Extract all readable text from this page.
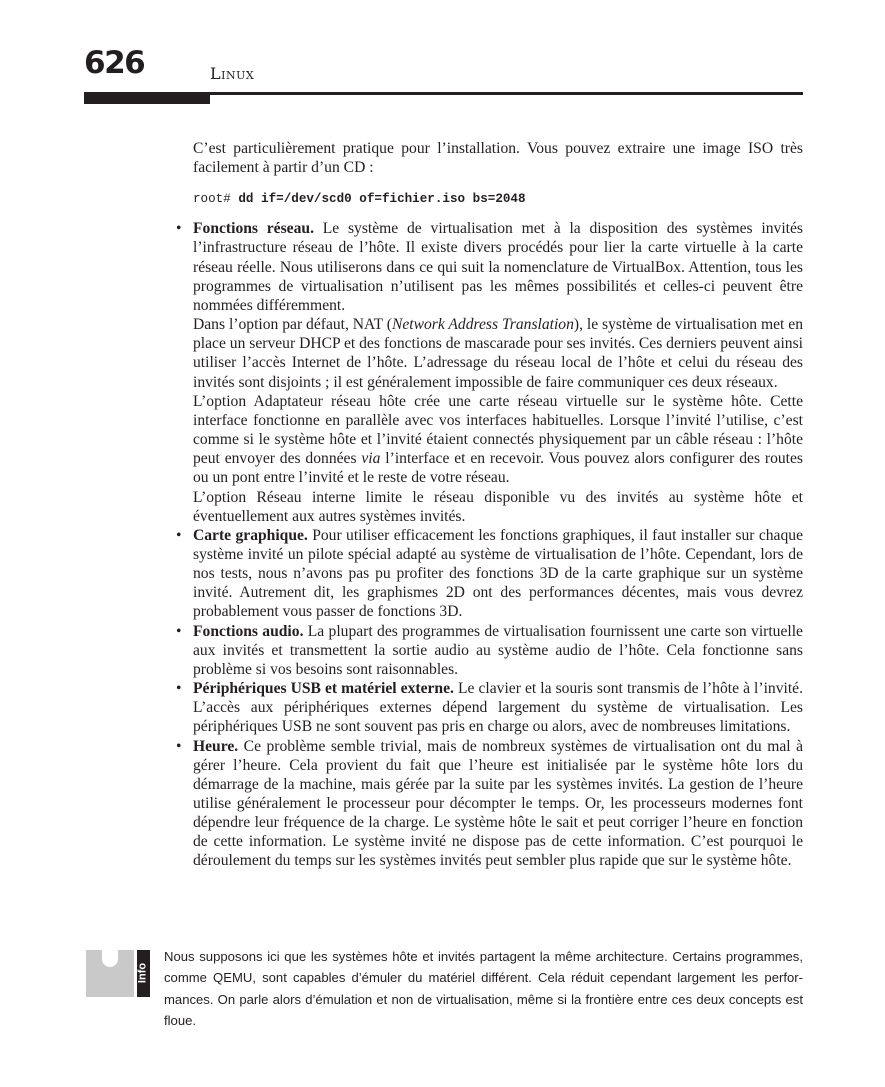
626	Linux

C’est particulièrement pratique pour l’installation. Vous pouvez extraire une image ISO très facilement à partir d’un CD :

root# dd if=/dev/scd0 of=fichier.iso bs=2048
• Fonctions réseau. Le système de virtualisation met à la disposition des systèmes invités l’infrastructure réseau de l’hôte. Il existe divers procédés pour lier la carte virtuelle à la carte réseau réelle. Nous utiliserons dans ce qui suit la nomenclature de VirtualBox. Attention, tous les programmes de virtualisation n’utilisent pas les mêmes possibilités et celles-ci peuvent être nommées différemment.

Dans l’option par défaut, NAT (Network Address Translation), le système de virtualisation met en place un serveur DHCP et des fonctions de mascarade pour ses invités. Ces derniers peuvent ainsi utiliser l’accès Internet de l’hôte. L’adressage du réseau local de l’hôte et celui du réseau des invités sont disjoints ; il est généralement impossible de faire communiquer ces deux réseaux.

L’option Adaptateur réseau hôte crée une carte réseau virtuelle sur le système hôte. Cette interface fonctionne en parallèle avec vos interfaces habituelles. Lorsque l’invité l’utilise, c’est comme si le système hôte et l’invité étaient connectés physiquement par un câble réseau : l’hôte peut envoyer des données via l’interface et en recevoir. Vous pouvez alors configurer des routes ou un pont entre l’invité et le reste de votre réseau.

L’option Réseau interne limite le réseau disponible vu des invités au système hôte et éventuellement aux autres systèmes invités.

• Carte graphique. Pour utiliser efficacement les fonctions graphiques, il faut installer sur chaque système invité un pilote spécial adapté au système de virtualisation de l’hôte. Cependant, lors de nos tests, nous n’avons pas pu profiter des fonctions 3D de la carte graphique sur un système invité. Autrement dit, les graphismes 2D ont des performances décentes, mais vous devrez probablement vous passer de fonctions 3D.

• Fonctions audio. La plupart des programmes de virtualisation fournissent une carte son virtuelle aux invités et transmettent la sortie audio au système audio de l’hôte. Cela fonctionne sans problème si vos besoins sont raisonnables.

• Périphériques USB et matériel externe. Le clavier et la souris sont transmis de l’hôte à l’invité. L’accès aux périphériques externes dépend largement du système de virtualisation. Les périphériques USB ne sont souvent pas pris en charge ou alors, avec de nombreuses limitations.

• Heure. Ce problème semble trivial, mais de nombreux systèmes de virtualisation ont du mal à gérer l’heure. Cela provient du fait que l’heure est initialisée par le système hôte lors du démarrage de la machine, mais gérée par la suite par les systèmes invités. La gestion de l’heure utilise généralement le processeur pour décompter le temps. Or, les processeurs modernes font dépendre leur fréquence de la charge. Le système hôte le sait et peut corriger l’heure en fonction de cette information. Le système invité ne dispose pas de cette information. C’est pourquoi le déroulement du temps sur les systèmes invités peut sembler plus rapide que sur le système hôte.

Info

Nous supposons ici que les systèmes hôte et invités partagent la même architecture. Certains programmes, comme QEMU, sont capables d’émuler du matériel différent. Cela réduit cependant largement les performances. On parle alors d’émulation et non de virtualisation, même si la frontière entre ces deux concepts est floue.
